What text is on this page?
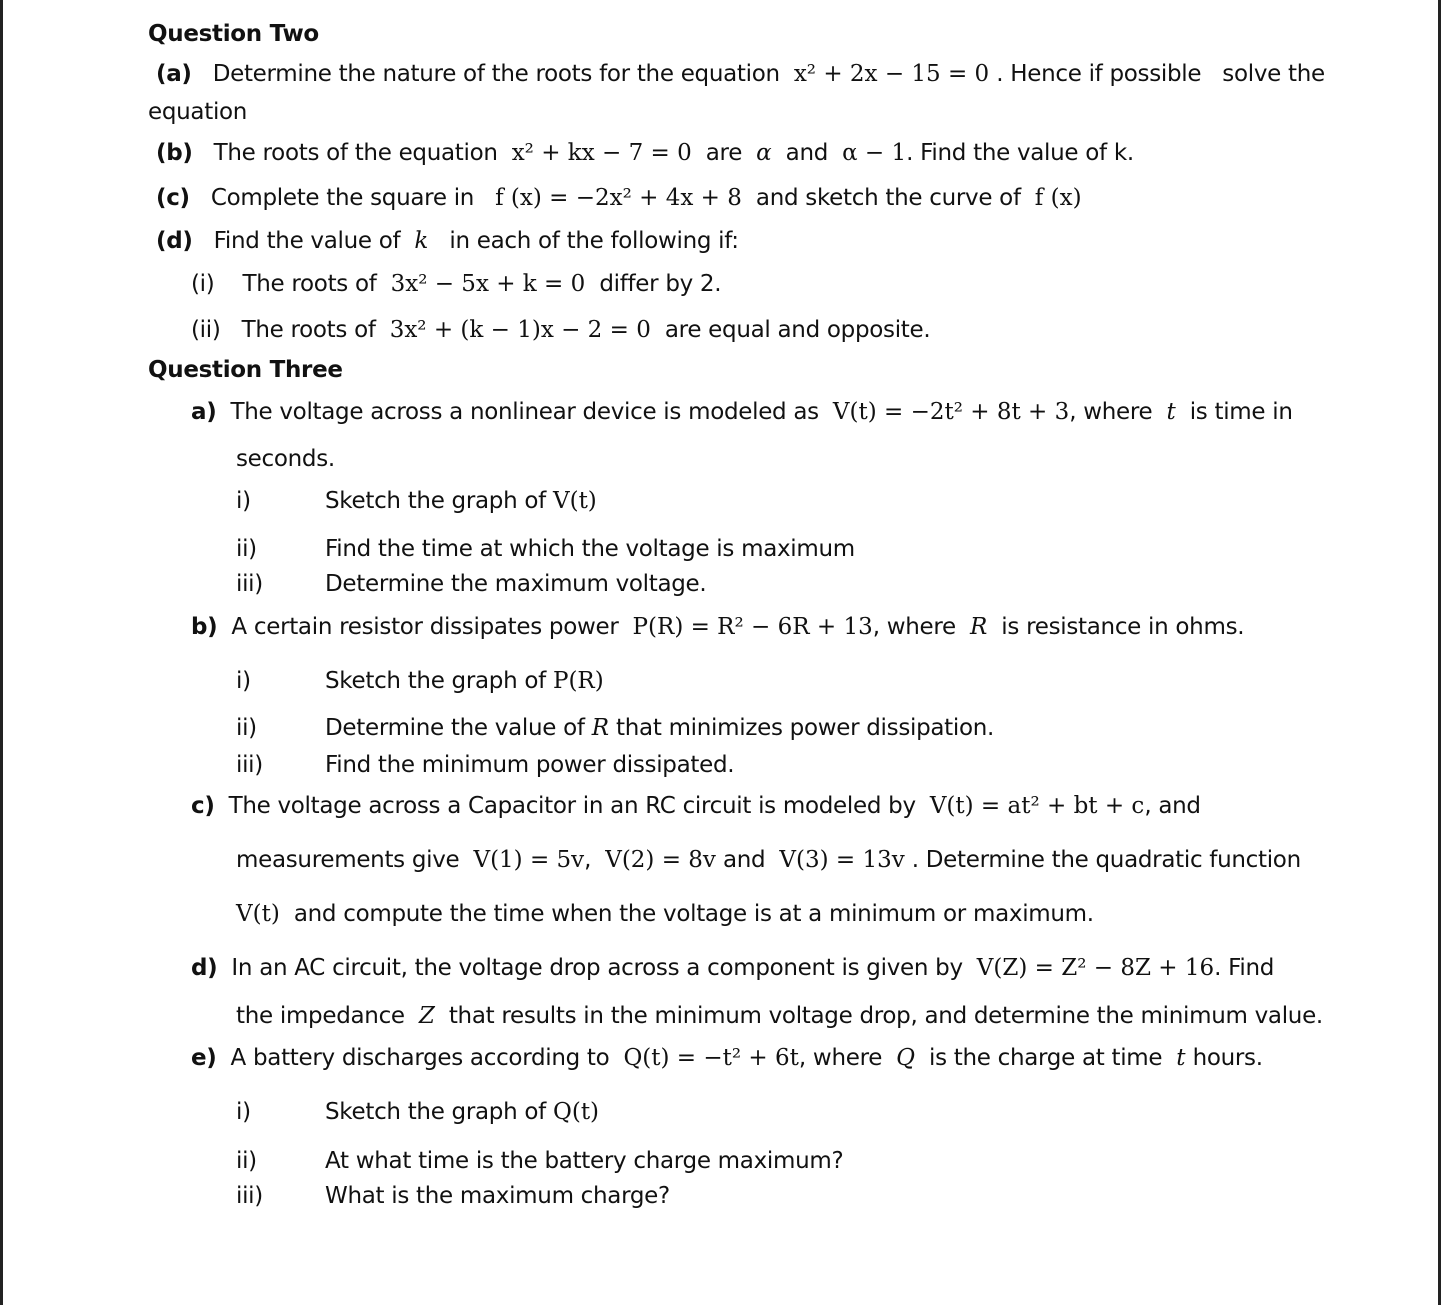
Question Two
(a) Determine the nature of the roots for the equation x² + 2x − 15 = 0 . Hence if possible   solve the
equation
(b) The roots of the equation x² + kx − 7 = 0 are α and α − 1. Find the value of k.
(c) Complete the square in f (x) = −2x² + 4x + 8 and sketch the curve of f (x)
(d) Find the value of k in each of the following if:
(i) The roots of 3x² − 5x + k = 0 differ by 2.
(ii) The roots of 3x² + (k − 1)x − 2 = 0 are equal and opposite.
Question Three
a) The voltage across a nonlinear device is modeled as V(t) = −2t² + 8t + 3, where t is time in
seconds.
i)	Sketch the graph of V(t)
ii)	Find the time at which the voltage is maximum
iii)	Determine the maximum voltage.
b) A certain resistor dissipates power P(R) = R² − 6R + 13, where R is resistance in ohms.
i)	Sketch the graph of P(R)
ii)	Determine the value of R that minimizes power dissipation.
iii)	Find the minimum power dissipated.
c) The voltage across a Capacitor in an RC circuit is modeled by V(t) = at² + bt + c, and
measurements give V(1) = 5v, V(2) = 8v and V(3) = 13v . Determine the quadratic function
V(t) and compute the time when the voltage is at a minimum or maximum.
d) In an AC circuit, the voltage drop across a component is given by V(Z) = Z² − 8Z + 16. Find
the impedance Z that results in the minimum voltage drop, and determine the minimum value.
e) A battery discharges according to Q(t) = −t² + 6t, where Q is the charge at time t hours.
i)	Sketch the graph of Q(t)
ii)	At what time is the battery charge maximum?
iii)	What is the maximum charge?
